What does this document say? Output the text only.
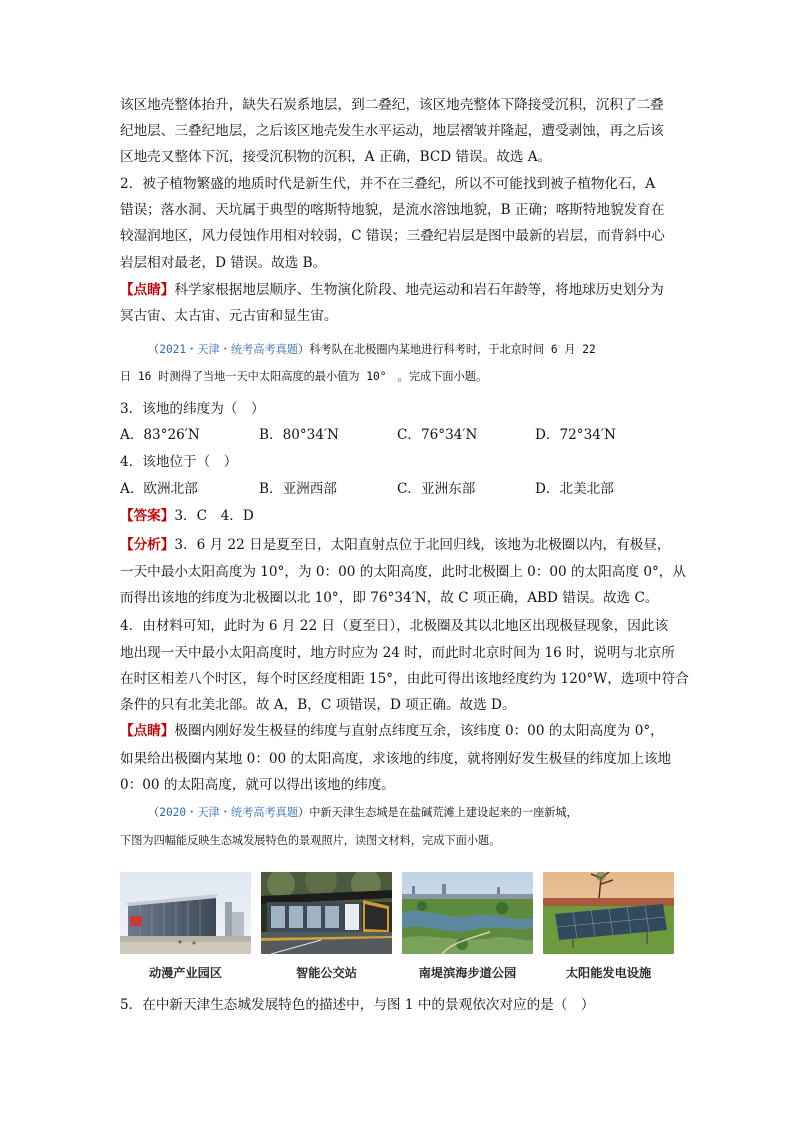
该区地壳整体抬升，缺失石炭系地层，到二叠纪，该区地壳整体下降接受沉积，沉积了二叠
纪地层、三叠纪地层，之后该区地壳发生水平运动，地层褶皱并隆起，遭受剥蚀，再之后该
区地壳又整体下沉，接受沉积物的沉积，A 正确，BCD 错误。故选 A。
2．被子植物繁盛的地质时代是新生代，并不在三叠纪，所以不可能找到被子植物化石，A
错误；落水洞、天坑属于典型的喀斯特地貌，是流水溶蚀地貌，B 正确；喀斯特地貌发育在
较湿润地区，风力侵蚀作用相对较弱，C 错误；三叠纪岩层是图中最新的岩层，而背斜中心
岩层相对最老，D 错误。故选 B。
【点睛】科学家根据地层顺序、生物演化阶段、地壳运动和岩石年龄等，将地球历史划分为
冥古宙、太古宙、元古宙和显生宙。
（2021・天津・统考高考真题）科考队在北极圈内某地进行科考时，于北京时间 6 月 22
日 16 时测得了当地一天中太阳高度的最小值为 10°　。完成下面小题。
3．该地的纬度为（　）
A．83°26′N	B．80°34′N	C．76°34′N	D．72°34′N
4．该地位于（　）
A．欧洲北部	B．亚洲西部	C．亚洲东部	D．北美北部
【答案】3．C　4．D
【分析】3．6 月 22 日是夏至日，太阳直射点位于北回归线，该地为北极圈以内，有极昼，
一天中最小太阳高度为 10°，为 0：00 的太阳高度，此时北极圈上 0：00 的太阳高度 0°，从
而得出该地的纬度为北极圈以北 10°，即 76°34′N，故 C 项正确，ABD 错误。故选 C。
4．由材料可知，此时为 6 月 22 日（夏至日），北极圈及其以北地区出现极昼现象，因此该
地出现一天中最小太阳高度时，地方时应为 24 时，而此时北京时间为 16 时，说明与北京所
在时区相差八个时区，每个时区经度相距 15°，由此可得出该地经度约为 120°W，选项中符合
条件的只有北美北部。故 A，B，C 项错误，D 项正确。故选 D。
【点睛】极圈内刚好发生极昼的纬度与直射点纬度互余，该纬度 0：00 的太阳高度为 0°，
如果给出极圈内某地 0：00 的太阳高度，求该地的纬度，就将刚好发生极昼的纬度加上该地
0：00 的太阳高度，就可以得出该地的纬度。
（2020・天津・统考高考真题）中新天津生态城是在盐碱荒滩上建设起来的一座新城，
下图为四幅能反映生态城发展特色的景观照片，读图文材料，完成下面小题。
动漫产业园区	智能公交站	南堤滨海步道公园	太阳能发电设施
5．在中新天津生态城发展特色的描述中，与图 1 中的景观依次对应的是（　）
